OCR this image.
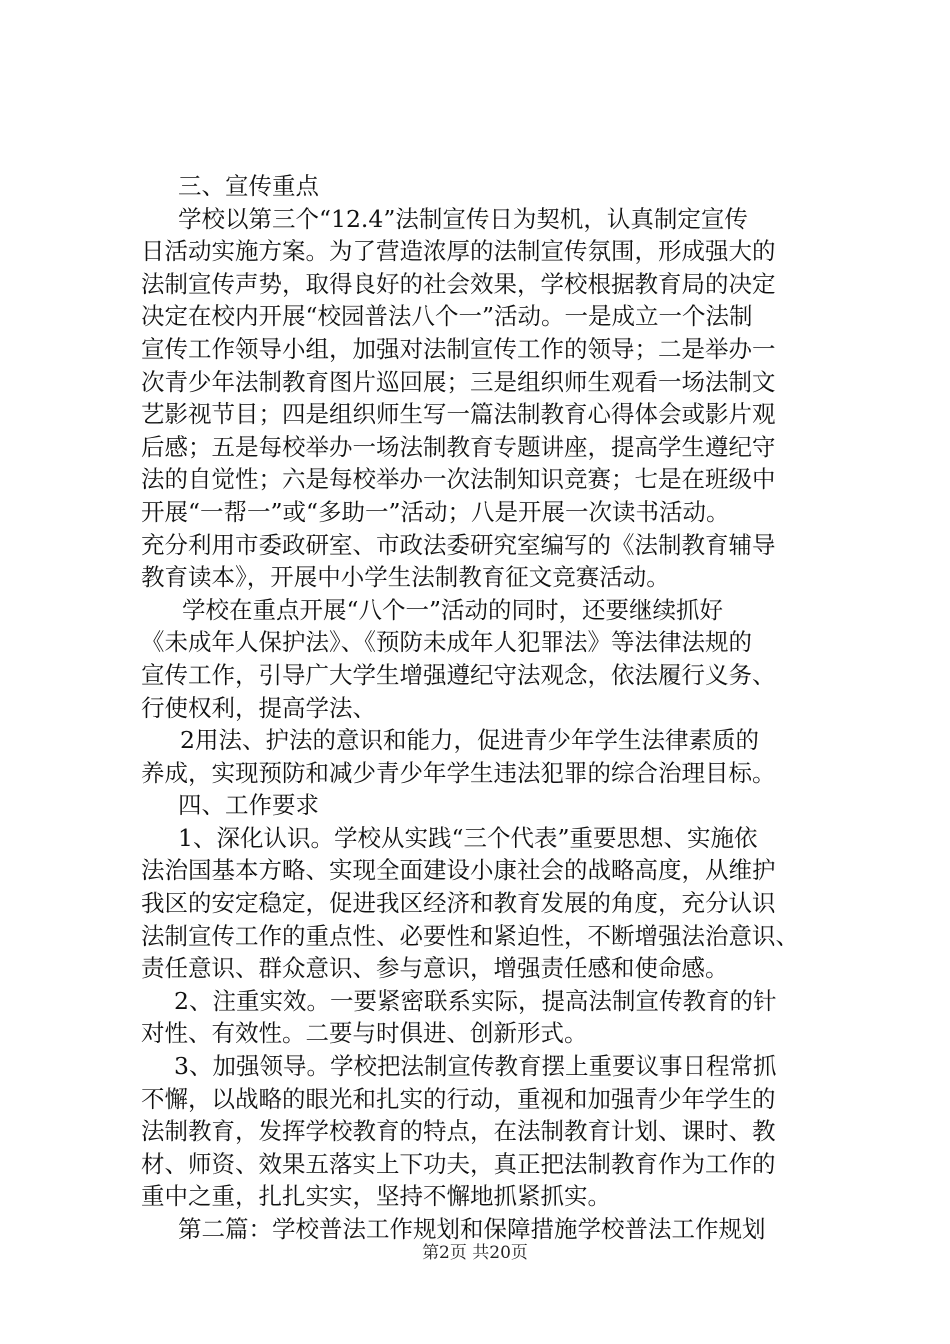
三、宣传重点
学校以第三个“12.4”法制宣传日为契机，认真制定宣传
日活动实施方案。为了营造浓厚的法制宣传氛围，形成强大的
法制宣传声势，取得良好的社会效果，学校根据教育局的决定
决定在校内开展“校园普法八个一”活动。一是成立一个法制
宣传工作领导小组，加强对法制宣传工作的领导；二是举办一
次青少年法制教育图片巡回展；三是组织师生观看一场法制文
艺影视节目；四是组织师生写一篇法制教育心得体会或影片观
后感；五是每校举办一场法制教育专题讲座，提高学生遵纪守
法的自觉性；六是每校举办一次法制知识竞赛；七是在班级中
开展“一帮一”或“多助一”活动；八是开展一次读书活动。
充分利用市委政研室、市政法委研究室编写的《法制教育辅导
教育读本》，开展中小学生法制教育征文竞赛活动。
学校在重点开展“八个一”活动的同时，还要继续抓好
《未成年人保护法》、《预防未成年人犯罪法》等法律法规的
宣传工作，引导广大学生增强遵纪守法观念，依法履行义务、
行使权利，提高学法、
2用法、护法的意识和能力，促进青少年学生法律素质的
养成，实现预防和减少青少年学生违法犯罪的综合治理目标。
四、工作要求
1、深化认识。学校从实践“三个代表”重要思想、实施依
法治国基本方略、实现全面建设小康社会的战略高度，从维护
我区的安定稳定，促进我区经济和教育发展的角度，充分认识
法制宣传工作的重点性、必要性和紧迫性，不断增强法治意识、
责任意识、群众意识、参与意识，增强责任感和使命感。
2、注重实效。一要紧密联系实际，提高法制宣传教育的针
对性、有效性。二要与时俱进、创新形式。
3、加强领导。学校把法制宣传教育摆上重要议事日程常抓
不懈，以战略的眼光和扎实的行动，重视和加强青少年学生的
法制教育，发挥学校教育的特点，在法制教育计划、课时、教
材、师资、效果五落实上下功夫，真正把法制教育作为工作的
重中之重，扎扎实实，坚持不懈地抓紧抓实。
第二篇：学校普法工作规划和保障措施学校普法工作规划
第2页 共20页
